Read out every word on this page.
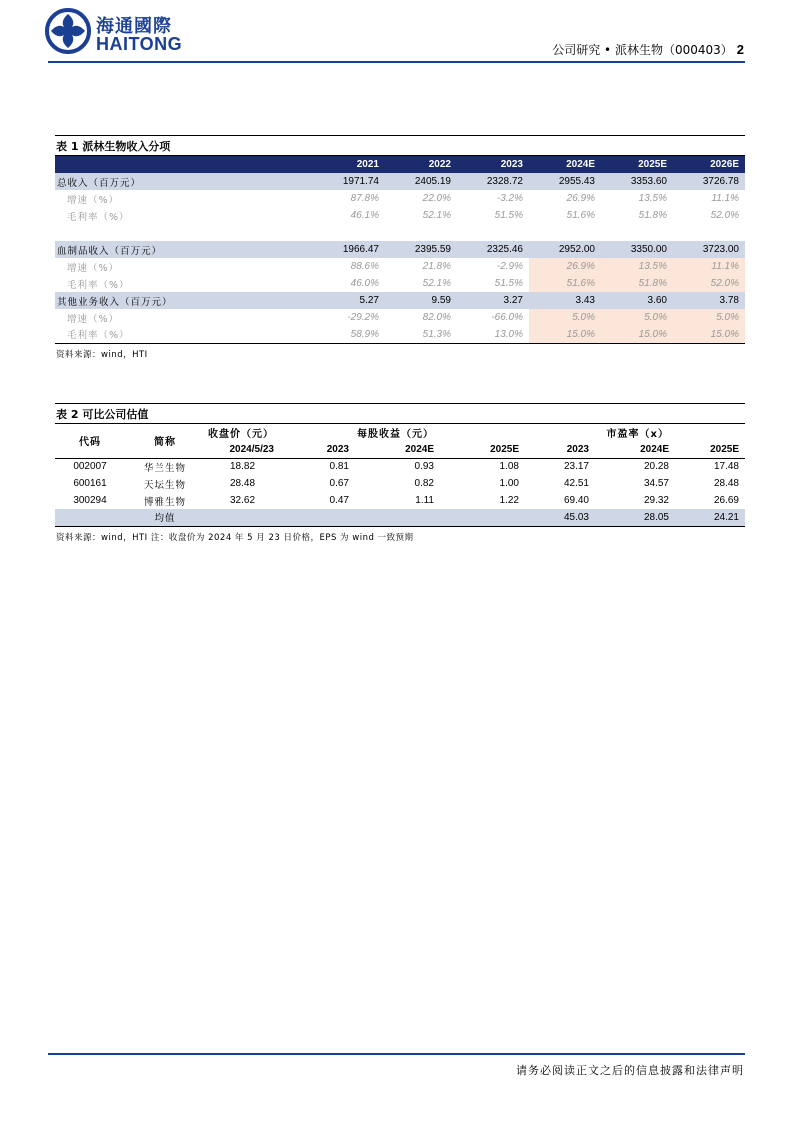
海通國際
HAITONG	公司研究 • 派林生物（000403） 2
表 1 派林生物收入分项
	2021	2022	2023	2024E	2025E	2026E
总收入（百万元）	1971.74	2405.19	2328.72	2955.43	3353.60	3726.78
增速（%）	87.8%	22.0%	-3.2%	26.9%	13.5%	11.1%
毛利率（%）	46.1%	52.1%	51.5%	51.6%	51.8%	52.0%

血制品收入（百万元）	1966.47	2395.59	2325.46	2952.00	3350.00	3723.00
增速（%）	88.6%	21.8%	-2.9%	26.9%	13.5%	11.1%
毛利率（%）	46.0%	52.1%	51.5%	51.6%	51.8%	52.0%
其他业务收入（百万元）	5.27	9.59	3.27	3.43	3.60	3.78
增速（%）	-29.2%	82.0%	-66.0%	5.0%	5.0%	5.0%
毛利率（%）	58.9%	51.3%	13.0%	15.0%	15.0%	15.0%
资料来源：wind，HTI
表 2 可比公司估值
代码	简称	收盘价（元）		每股收益（元）			市盈率（x）	
		2024/5/23	2023	2024E	2025E	2023	2024E	2025E
002007	华兰生物	18.82	0.81	0.93	1.08	23.17	20.28	17.48
600161	天坛生物	28.48	0.67	0.82	1.00	42.51	34.57	28.48
300294	博雅生物	32.62	0.47	1.11	1.22	69.40	29.32	26.69
	均值					45.03	28.05	24.21
资料来源：wind，HTI 注：收盘价为 2024 年 5 月 23 日价格，EPS 为 wind 一致预期
请务必阅读正文之后的信息披露和法律声明
